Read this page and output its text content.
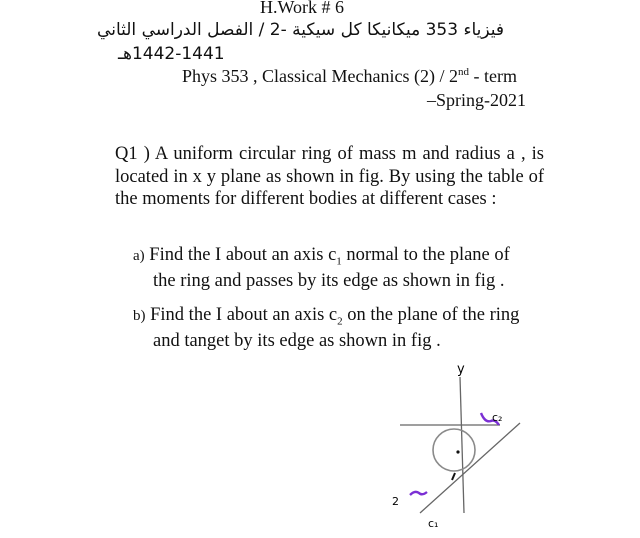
H.Work # 6
فيزياء 353 ميكانيكا كل سيكية -2 / الفصل الدراسي الثاني
1442-1441هـ
Phys 353 , Classical Mechanics (2) / 2nd - term
–Spring-2021

Q1 ) A uniform circular ring of mass m and radius a , is located in x y plane as shown in fig. By using the table of the moments for different bodies at different cases :

a) Find the I about an axis $c_1$ normal to the plane of
the ring and passes by its edge as shown in fig .
b) Find the I about an axis $c_2$ on the plane of the ring
and tanget by its edge as shown in fig .
y
c₂
2
c₁
